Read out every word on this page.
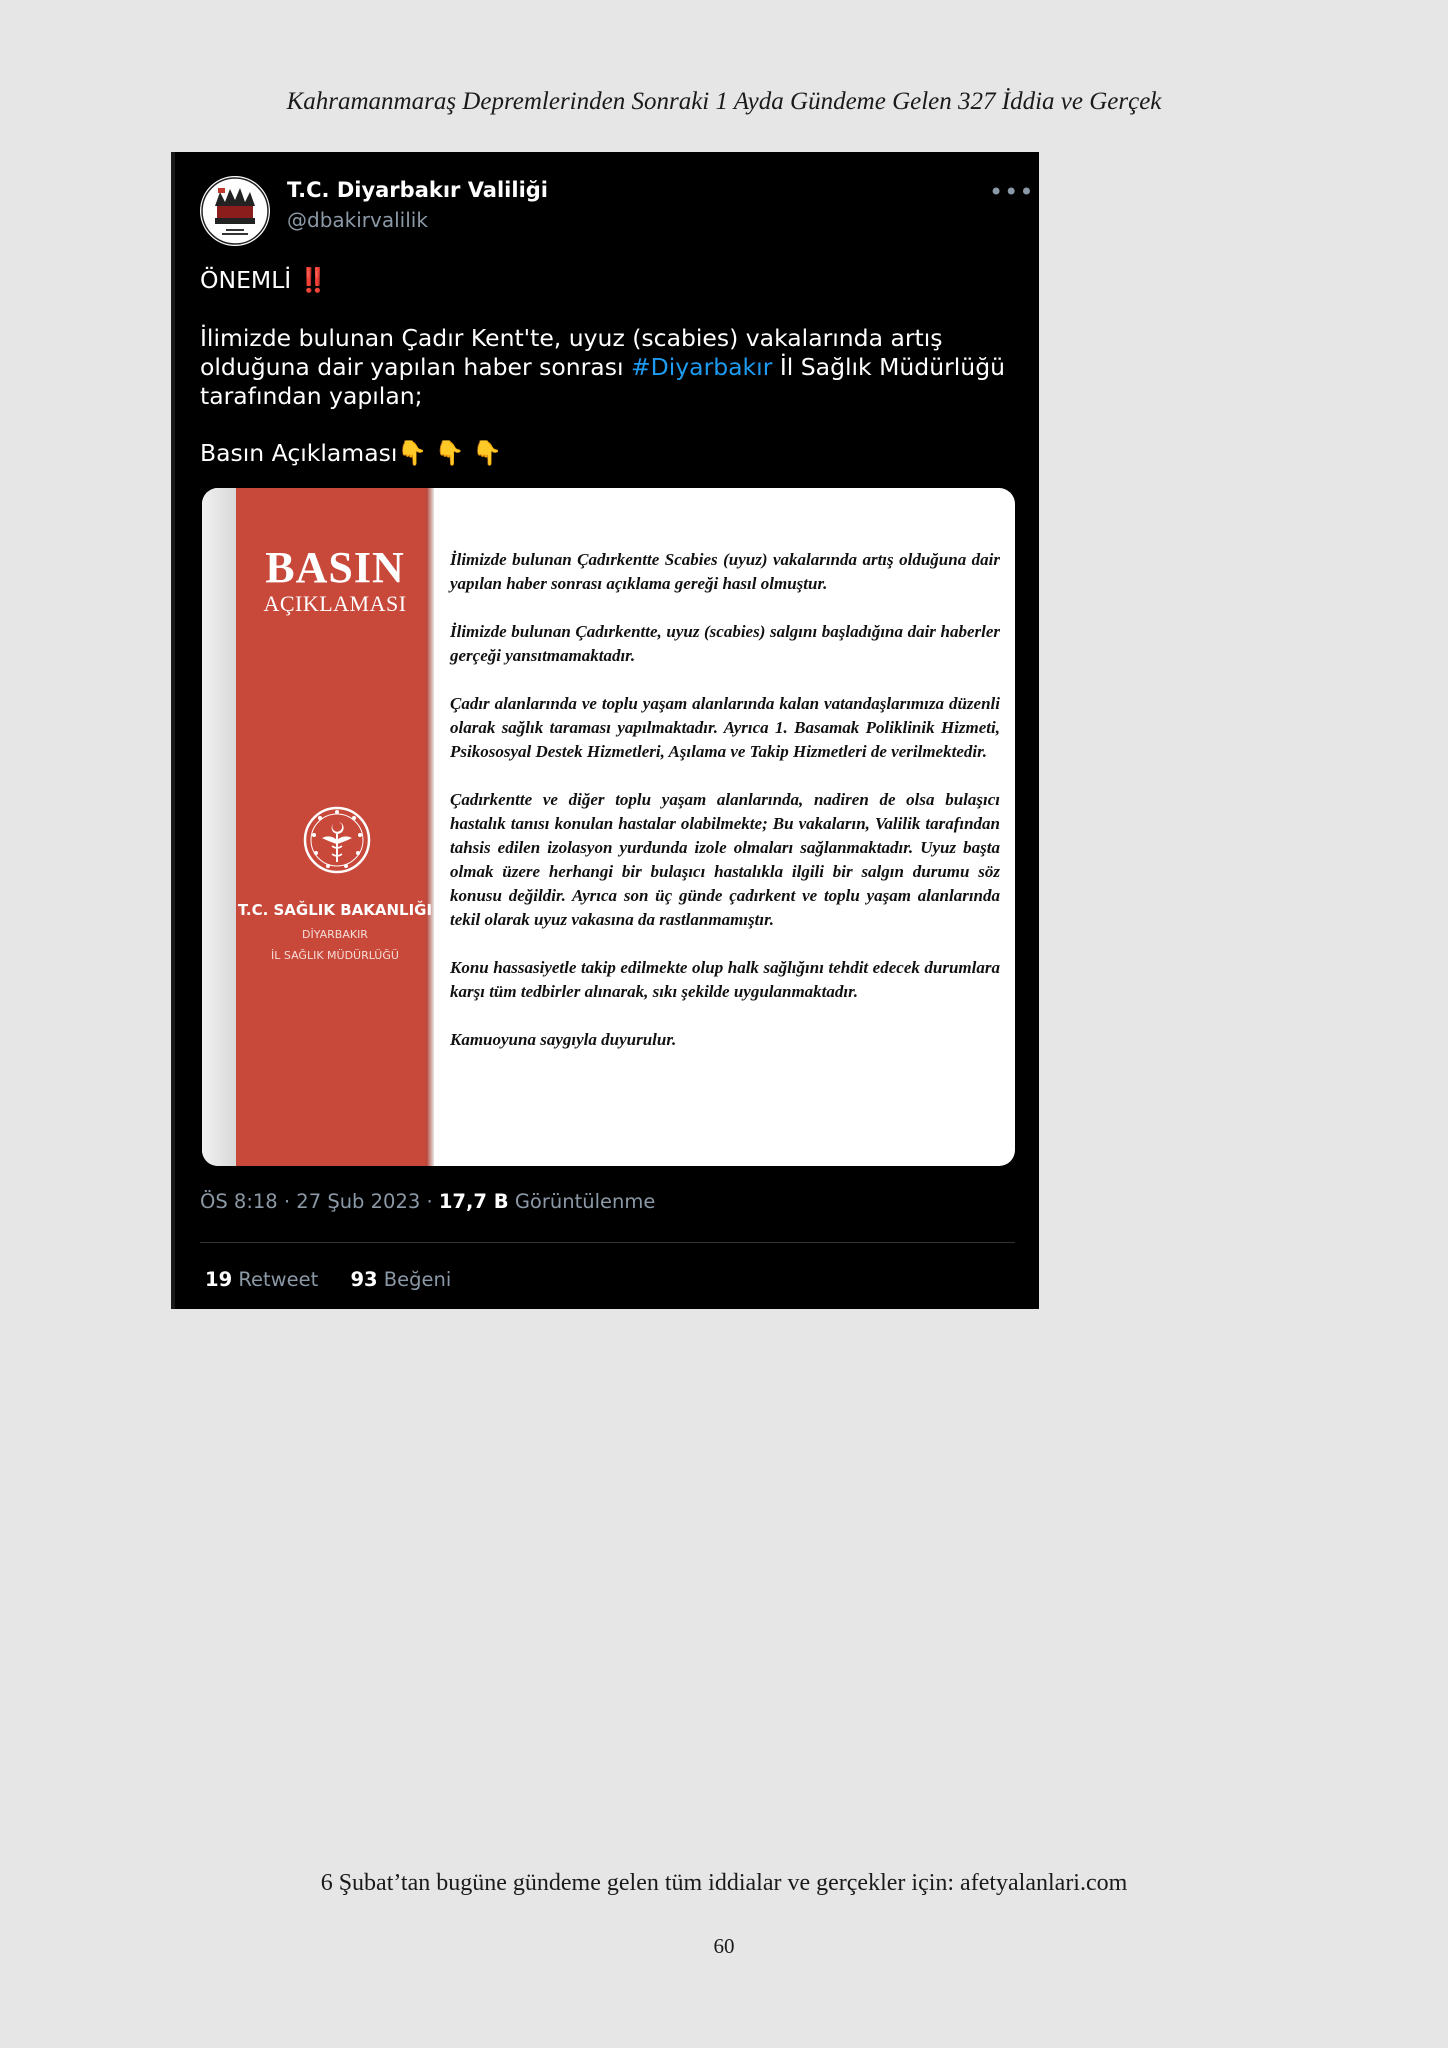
Kahramanmaraş Depremlerinden Sonraki 1 Ayda Gündeme Gelen 327 İddia ve Gerçek
T.C. Diyarbakır Valiliği
@dbakirvalilik
•••
ÖNEMLİ ‼️
İlimizde bulunan Çadır Kent'te, uyuz (scabies) vakalarında artış olduğuna dair yapılan haber sonrası #Diyarbakır İl Sağlık Müdürlüğü tarafından yapılan;
Basın Açıklaması👇 👇 👇
BASIN
AÇIKLAMASI
T.C. SAĞLIK BAKANLIĞI
DİYARBAKIR
İL SAĞLIK MÜDÜRLÜĞÜ

İlimizde bulunan Çadırkentte Scabies (uyuz) vakalarında artış olduğuna dair yapılan haber sonrası açıklama gereği hasıl olmuştur.

İlimizde bulunan Çadırkentte, uyuz (scabies) salgını başladığına dair haberler gerçeği yansıtmamaktadır.

Çadır alanlarında ve toplu yaşam alanlarında kalan vatandaşlarımıza düzenli olarak sağlık taraması yapılmaktadır. Ayrıca 1. Basamak Poliklinik Hizmeti, Psikososyal Destek Hizmetleri, Aşılama ve Takip Hizmetleri de verilmektedir.

Çadırkentte ve diğer toplu yaşam alanlarında, nadiren de olsa bulaşıcı hastalık tanısı konulan hastalar olabilmekte; Bu vakaların, Valilik tarafından tahsis edilen izolasyon yurdunda izole olmaları sağlanmaktadır. Uyuz başta olmak üzere herhangi bir bulaşıcı hastalıkla ilgili bir salgın durumu söz konusu değildir. Ayrıca son üç günde çadırkent ve toplu yaşam alanlarında tekil olarak uyuz vakasına da rastlanmamıştır.

Konu hassasiyetle takip edilmekte olup halk sağlığını tehdit edecek durumlara karşı tüm tedbirler alınarak, sıkı şekilde uygulanmaktadır.

Kamuoyuna saygıyla duyurulur.

ÖS 8:18 · 27 Şub 2023 · 17,7 B Görüntülenme
19 Retweet 93 Beğeni
6 Şubat’tan bugüne gündeme gelen tüm iddialar ve gerçekler için: afetyalanlari.com
60
